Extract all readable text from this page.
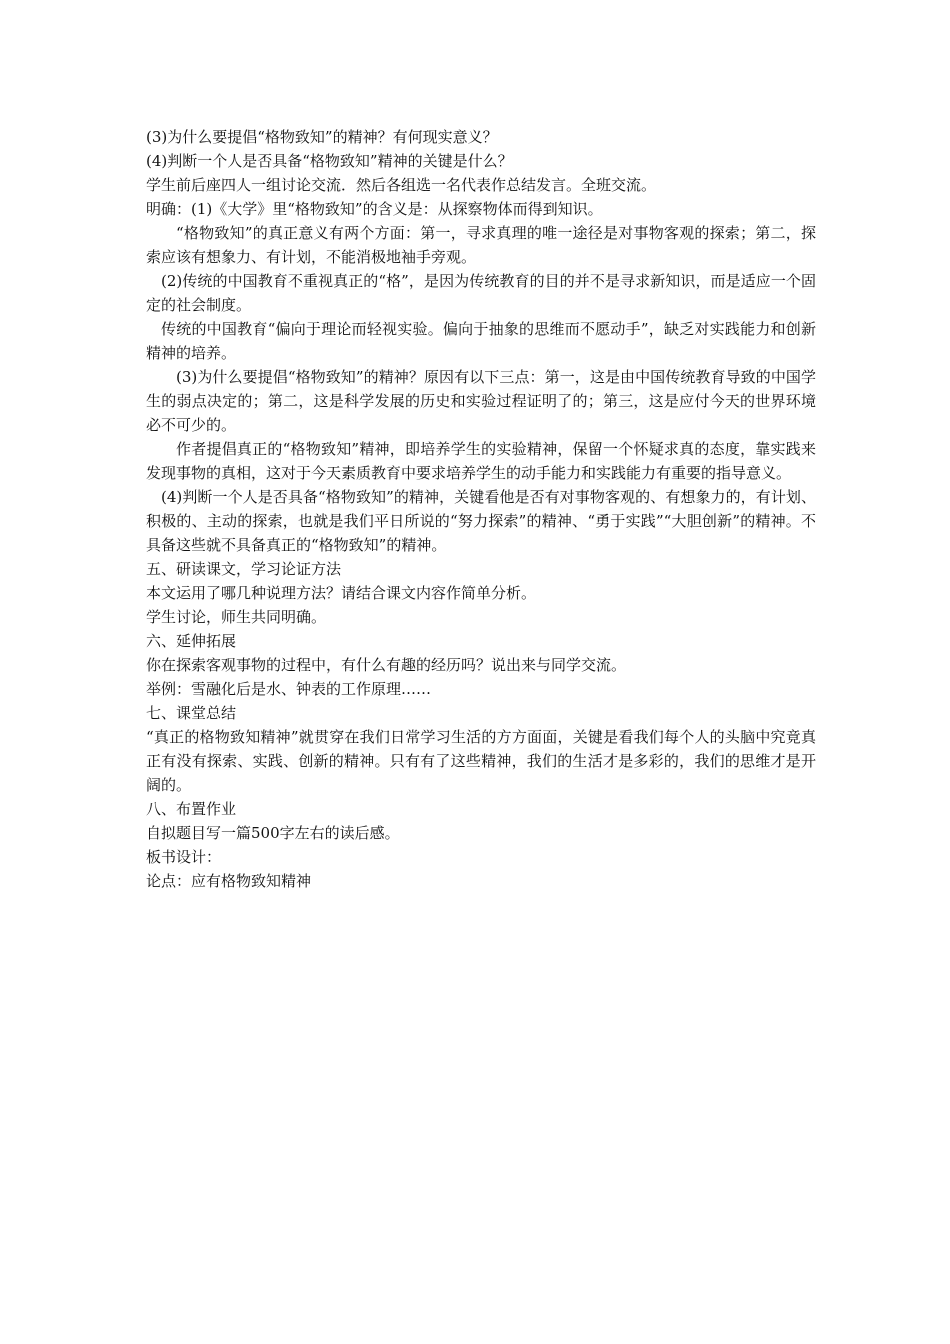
(3)为什么要提倡“格物致知”的精神？有何现实意义？

(4)判断一个人是否具备“格物致知”精神的关键是什么？

学生前后座四人一组讨论交流．然后各组选一名代表作总结发言。全班交流。

明确：(1)《大学》里“格物致知”的含义是：从探察物体而得到知识。

“格物致知”的真正意义有两个方面：第一，寻求真理的唯一途径是对事物客观的探索；第二，探索应该有想象力、有计划，不能消极地袖手旁观。

(2)传统的中国教育不重视真正的“格”，是因为传统教育的目的并不是寻求新知识，而是适应一个固定的社会制度。

传统的中国教育“偏向于理论而轻视实验。偏向于抽象的思维而不愿动手”，缺乏对实践能力和创新精神的培养。

(3)为什么要提倡“格物致知”的精神？原因有以下三点：第一，这是由中国传统教育导致的中国学生的弱点决定的；第二，这是科学发展的历史和实验过程证明了的；第三，这是应付今天的世界环境必不可少的。

作者提倡真正的“格物致知”精神，即培养学生的实验精神，保留一个怀疑求真的态度，靠实践来发现事物的真相，这对于今天素质教育中要求培养学生的动手能力和实践能力有重要的指导意义。

(4)判断一个人是否具备“格物致知”的精神，关键看他是否有对事物客观的、有想象力的，有计划、积极的、主动的探索，也就是我们平日所说的“努力探索”的精神、“勇于实践”“大胆创新”的精神。不具备这些就不具备真正的“格物致知”的精神。

五、研读课文，学习论证方法

本文运用了哪几种说理方法？请结合课文内容作简单分析。

学生讨论，师生共同明确。

六、延伸拓展

你在探索客观事物的过程中，有什么有趣的经历吗？说出来与同学交流。

举例：雪融化后是水、钟表的工作原理……

七、课堂总结

“真正的格物致知精神”就贯穿在我们日常学习生活的方方面面，关键是看我们每个人的头脑中究竟真正有没有探索、实践、创新的精神。只有有了这些精神，我们的生活才是多彩的，我们的思维才是开阔的。

八、布置作业

自拟题目写一篇500字左右的读后感。

板书设计：

论点：应有格物致知精神
